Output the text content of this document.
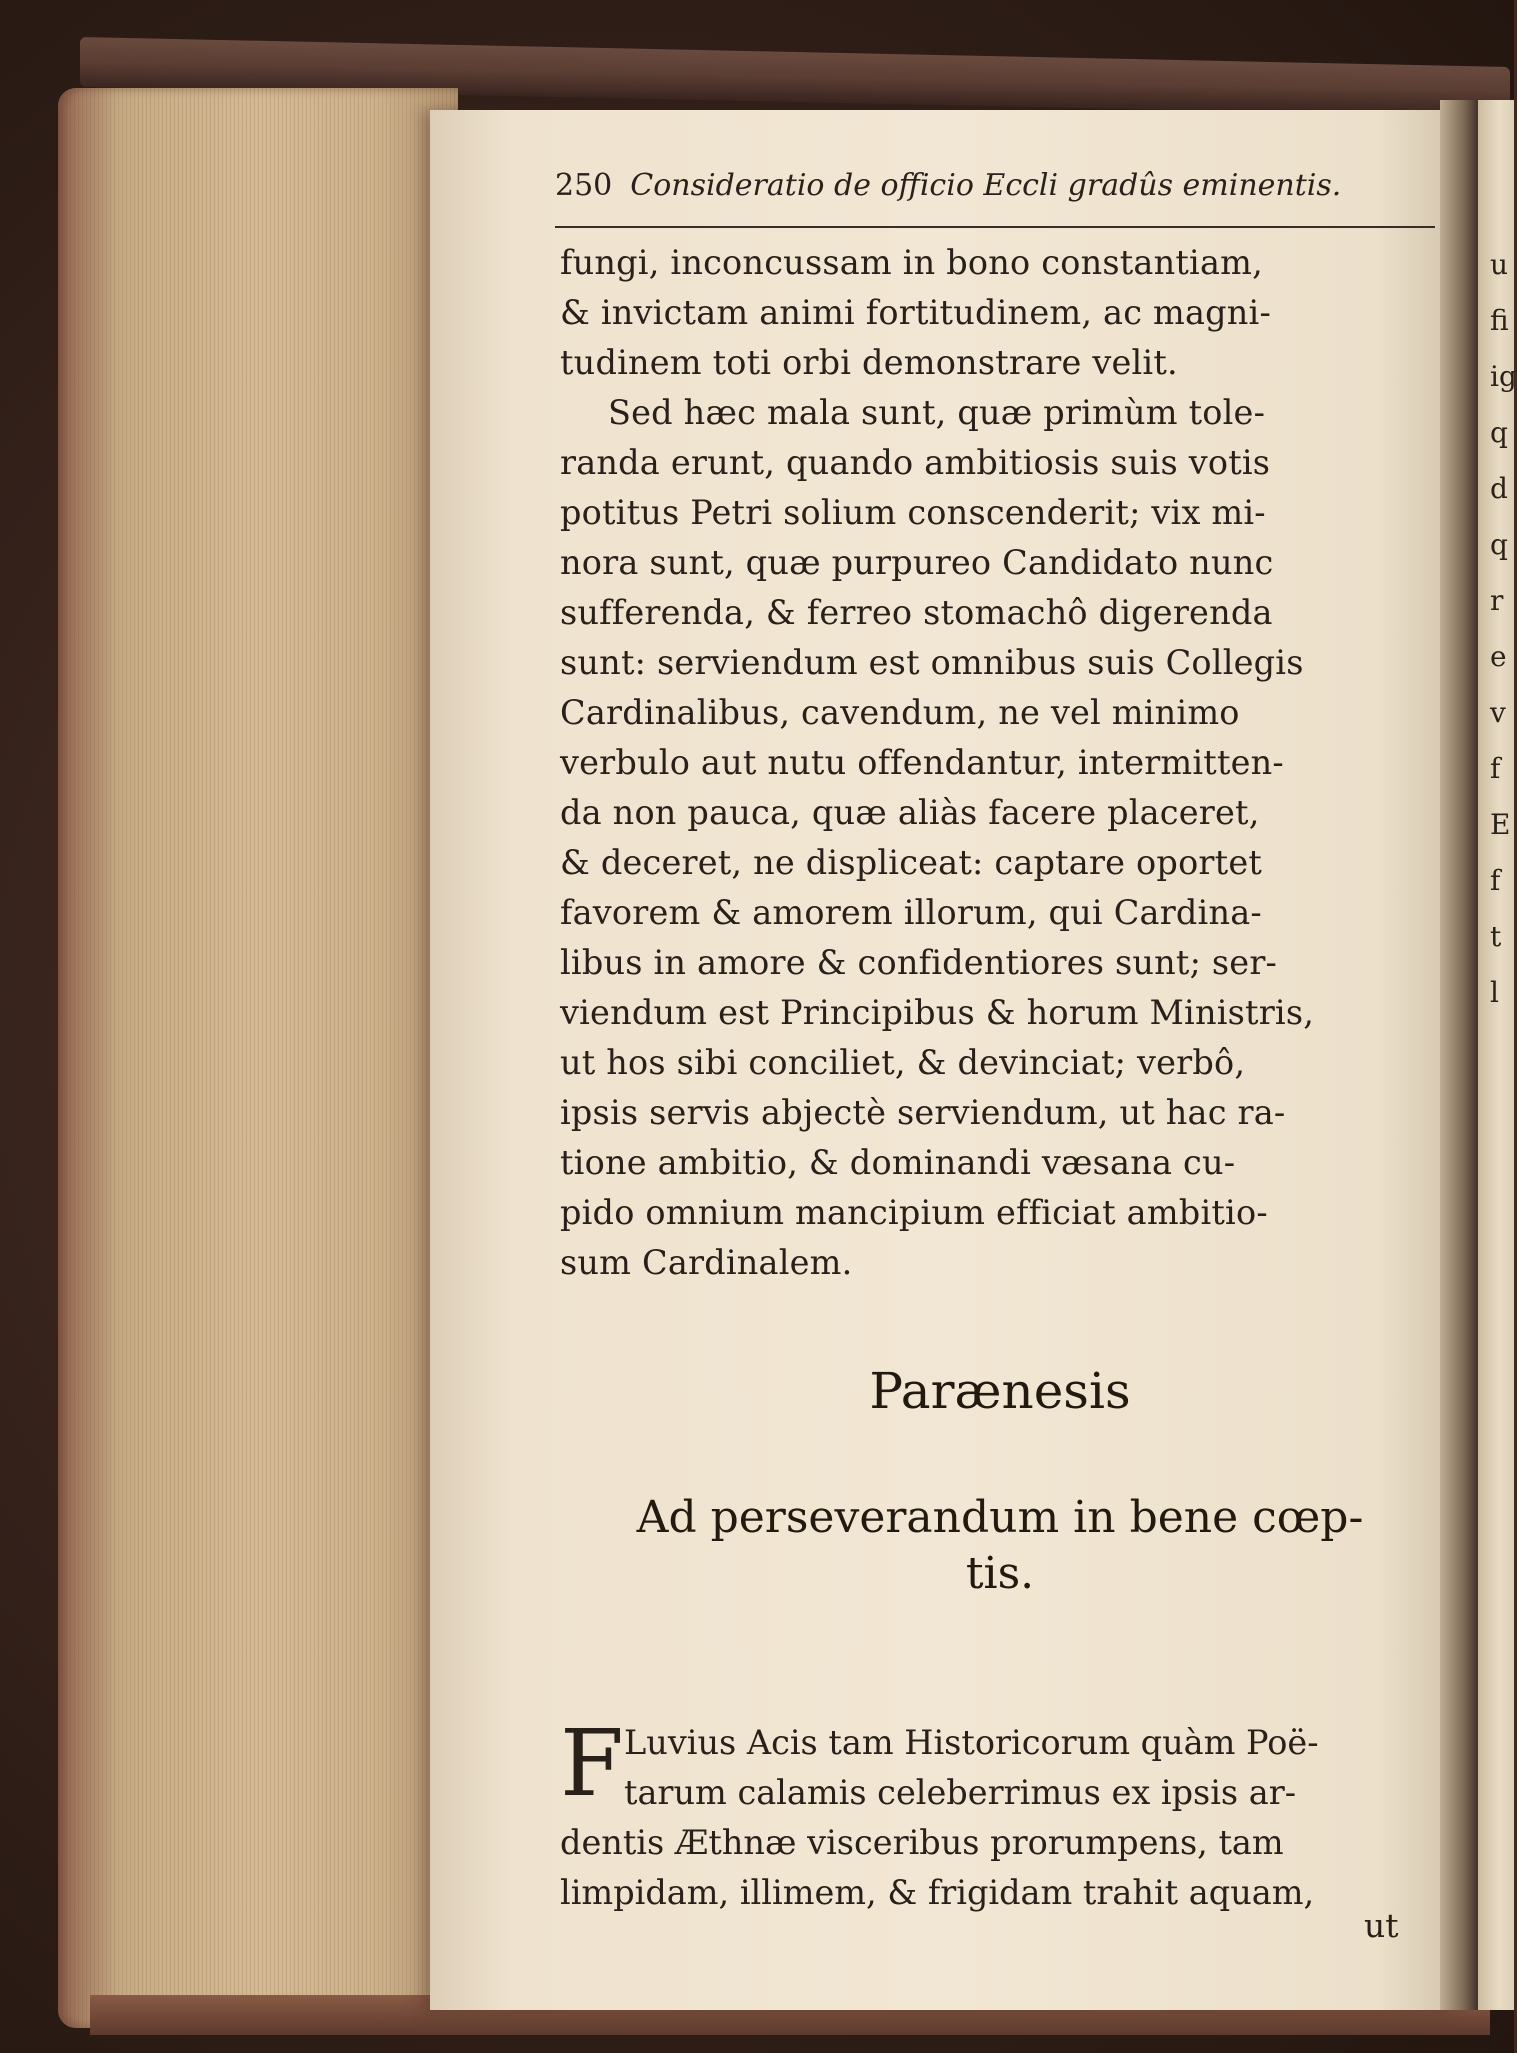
u
fi
ig
q
d
q
r
e
v
f
E
f
t
l
250 Consideratio de officio Eccli gradûs eminentis.
fungi, inconcussam in bono constantiam,
& invictam animi fortitudinem, ac magni-
tudinem toti orbi demonstrare velit.
Sed hæc mala sunt, quæ primùm tole-
randa erunt, quando ambitiosis suis votis
potitus Petri solium conscenderit; vix mi-
nora sunt, quæ purpureo Candidato nunc
sufferenda, & ferreo stomachô digerenda
sunt: serviendum est omnibus suis Collegis
Cardinalibus, cavendum, ne vel minimo
verbulo aut nutu offendantur, intermitten-
da non pauca, quæ aliàs facere placeret,
& deceret, ne displiceat: captare oportet
favorem & amorem illorum, qui Cardina-
libus in amore & confidentiores sunt; ser-
viendum est Principibus & horum Ministris,
ut hos sibi conciliet, & devinciat; verbô,
ipsis servis abjectè serviendum, ut hac ra-
tione ambitio, & dominandi væsana cu-
pido omnium mancipium efficiat ambitio-
sum Cardinalem.
Parænesis
Ad perseverandum in bene cœp-
tis.
F Luvius Acis tam Historicorum quàm Poë-
tarum calamis celeberrimus ex ipsis ar-
dentis Æthnæ visceribus prorumpens, tam
limpidam, illimem, & frigidam trahit aquam,
ut
